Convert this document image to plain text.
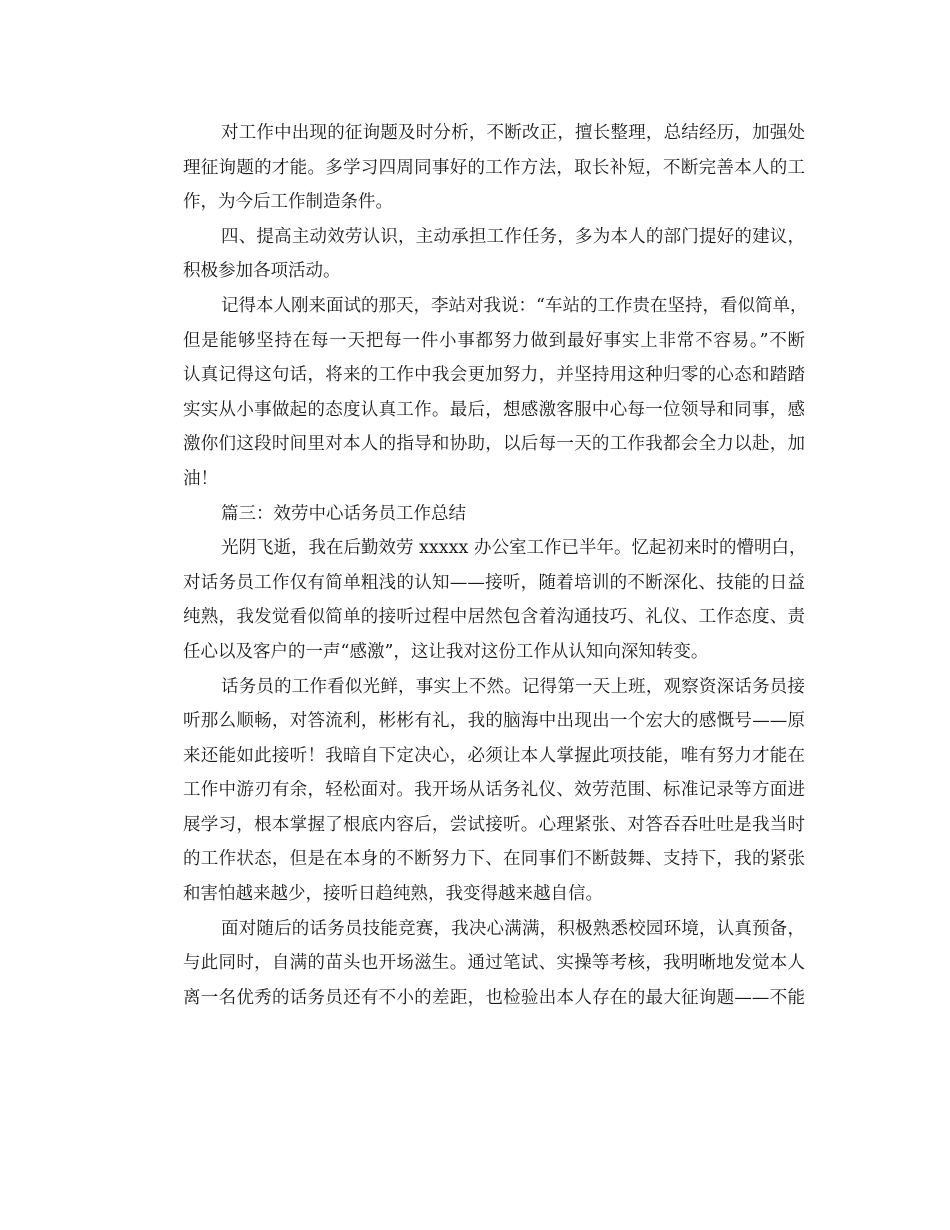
对工作中出现的征询题及时分析，不断改正，擅长整理，总结经历，加强处
理征询题的才能。多学习四周同事好的工作方法，取长补短，不断完善本人的工
作，为今后工作制造条件。
四、提高主动效劳认识，主动承担工作任务，多为本人的部门提好的建议，
积极参加各项活动。
记得本人刚来面试的那天，李站对我说：“车站的工作贵在坚持，看似简单，
但是能够坚持在每一天把每一件小事都努力做到最好事实上非常不容易。”不断
认真记得这句话，将来的工作中我会更加努力，并坚持用这种归零的心态和踏踏
实实从小事做起的态度认真工作。最后，想感激客服中心每一位领导和同事，感
激你们这段时间里对本人的指导和协助，以后每一天的工作我都会全力以赴，加
油！
篇三：效劳中心话务员工作总结
光阴飞逝，我在后勤效劳 xxxxx 办公室工作已半年。忆起初来时的懵明白，
对话务员工作仅有简单粗浅的认知——接听，随着培训的不断深化、技能的日益
纯熟，我发觉看似简单的接听过程中居然包含着沟通技巧、礼仪、工作态度、责
任心以及客户的一声“感激”，这让我对这份工作从认知向深知转变。
话务员的工作看似光鲜，事实上不然。记得第一天上班，观察资深话务员接
听那么顺畅，对答流利，彬彬有礼，我的脑海中出现出一个宏大的感慨号——原
来还能如此接听！我暗自下定决心，必须让本人掌握此项技能，唯有努力才能在
工作中游刃有余，轻松面对。我开场从话务礼仪、效劳范围、标准记录等方面进
展学习，根本掌握了根底内容后，尝试接听。心理紧张、对答吞吞吐吐是我当时
的工作状态，但是在本身的不断努力下、在同事们不断鼓舞、支持下，我的紧张
和害怕越来越少，接听日趋纯熟，我变得越来越自信。
面对随后的话务员技能竞赛，我决心满满，积极熟悉校园环境，认真预备，
与此同时，自满的苗头也开场滋生。通过笔试、实操等考核，我明晰地发觉本人
离一名优秀的话务员还有不小的差距，也检验出本人存在的最大征询题——不能
